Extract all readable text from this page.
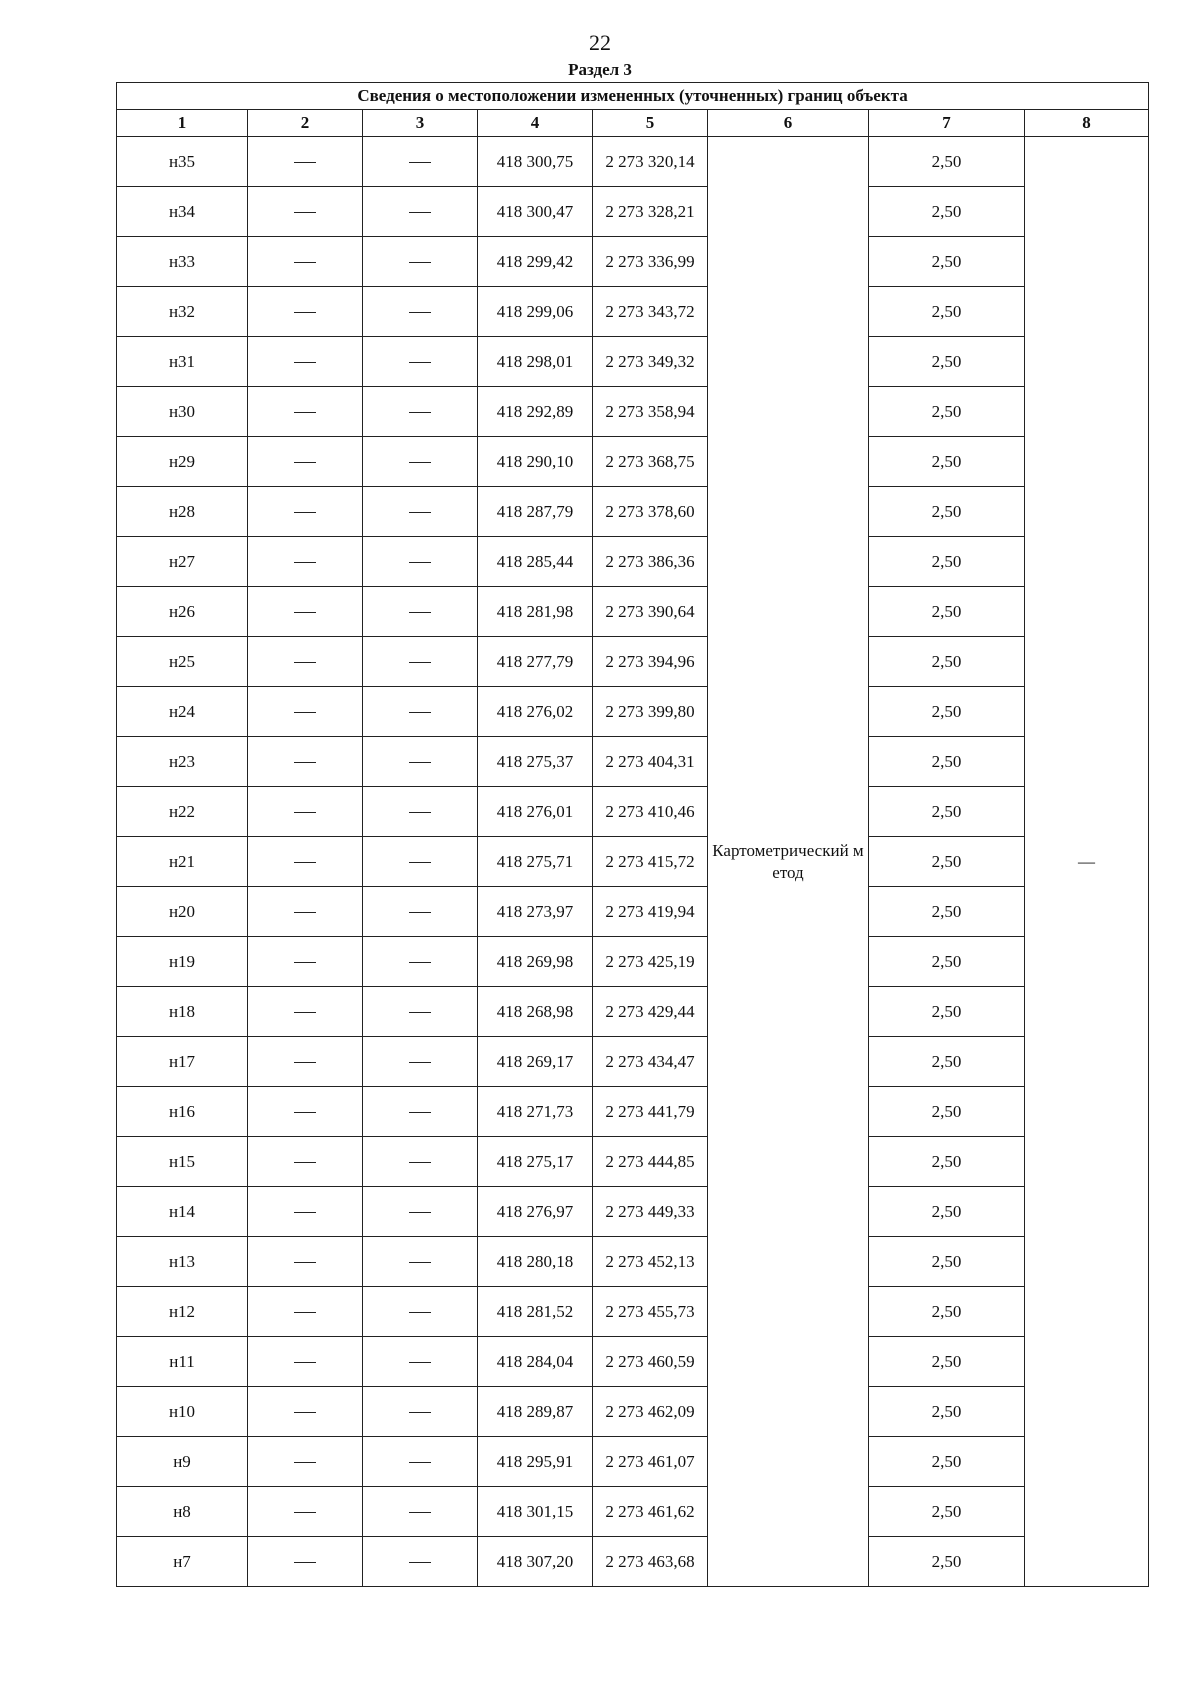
22
Раздел 3
Сведения о местоположении измененных (уточненных) границ объекта							
1	2	3	4	5	6	7	8
н35			418 300,75	2 273 320,14	Картометрический метод	2,50	—
н34			418 300,47	2 273 328,21		2,50	
н33			418 299,42	2 273 336,99		2,50	
н32			418 299,06	2 273 343,72		2,50	
н31			418 298,01	2 273 349,32		2,50	
н30			418 292,89	2 273 358,94		2,50	
н29			418 290,10	2 273 368,75		2,50	
н28			418 287,79	2 273 378,60		2,50	
н27			418 285,44	2 273 386,36		2,50	
н26			418 281,98	2 273 390,64		2,50	
н25			418 277,79	2 273 394,96		2,50	
н24			418 276,02	2 273 399,80		2,50	
н23			418 275,37	2 273 404,31		2,50	
н22			418 276,01	2 273 410,46		2,50	
н21			418 275,71	2 273 415,72		2,50	
н20			418 273,97	2 273 419,94		2,50	
н19			418 269,98	2 273 425,19		2,50	
н18			418 268,98	2 273 429,44		2,50	
н17			418 269,17	2 273 434,47		2,50	
н16			418 271,73	2 273 441,79		2,50	
н15			418 275,17	2 273 444,85		2,50	
н14			418 276,97	2 273 449,33		2,50	
н13			418 280,18	2 273 452,13		2,50	
н12			418 281,52	2 273 455,73		2,50	
н11			418 284,04	2 273 460,59		2,50	
н10			418 289,87	2 273 462,09		2,50	
н9			418 295,91	2 273 461,07		2,50	
н8			418 301,15	2 273 461,62		2,50	
н7			418 307,20	2 273 463,68		2,50	
